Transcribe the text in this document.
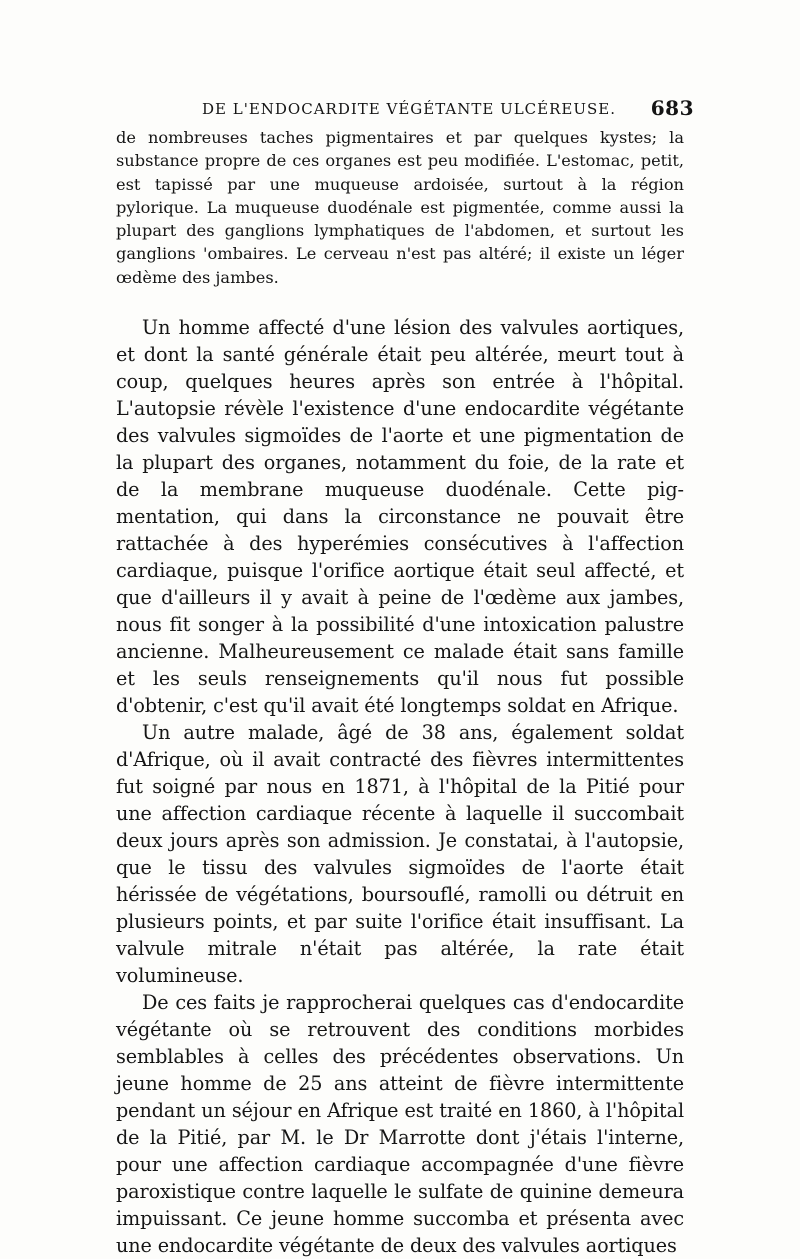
DE L'ENDOCARDITE VÉGÉTANTE ULCÉREUSE. 683

de nombreuses taches pigmentaires et par quelques kystes; la substance propre de ces organes est peu modifiée. L'estomac, petit, est tapissé par une muqueuse ardoisée, surtout à la région pylorique. La muqueuse duodénale est pigmentée, comme aussi la plupart des ganglions lymphatiques de l'abdomen, et surtout les ganglions 'ombaires. Le cerveau n'est pas altéré; il existe un léger œdème des jambes.

Un homme affecté d'une lésion des valvules aortiques, et dont la santé générale était peu altérée, meurt tout à coup, quelques heures après son entrée à l'hôpital. L'autopsie révèle l'existence d'une endocardite végétante des valvules sigmoïdes de l'aorte et une pigmentation de la plupart des organes, notamment du foie, de la rate et de la membrane muqueuse duodénale. Cette pigmentation, qui dans la circonstance ne pouvait être rattachée à des hyperémies consécutives à l'affection cardiaque, puisque l'orifice aortique était seul affecté, et que d'ailleurs il y avait à peine de l'œdème aux jambes, nous fit songer à la possibilité d'une intoxication palustre ancienne. Malheureusement ce malade était sans famille et les seuls renseignements qu'il nous fut possible d'obtenir, c'est qu'il avait été longtemps soldat en Afrique.

Un autre malade, âgé de 38 ans, également soldat d'Afrique, où il avait contracté des fièvres intermittentes fut soigné par nous en 1871, à l'hôpital de la Pitié pour une affection cardiaque récente à laquelle il succombait deux jours après son admission. Je constatai, à l'autopsie, que le tissu des valvules sigmoïdes de l'aorte était hérissée de végétations, boursouflé, ramolli ou détruit en plusieurs points, et par suite l'orifice était insuffisant. La valvule mitrale n'était pas altérée, la rate était volumineuse.

De ces faits je rapprocherai quelques cas d'endocardite végétante où se retrouvent des conditions morbides semblables à celles des précédentes observations. Un jeune homme de 25 ans atteint de fièvre intermittente pendant un séjour en Afrique est traité en 1860, à l'hôpital de la Pitié, par M. le Dr Marrotte dont j'étais l'interne, pour une affection cardiaque accompagnée d'une fièvre paroxistique contre laquelle le sulfate de quinine demeura impuissant. Ce jeune homme succomba et présenta avec une endocardite végétante de deux des valvules aortiques
